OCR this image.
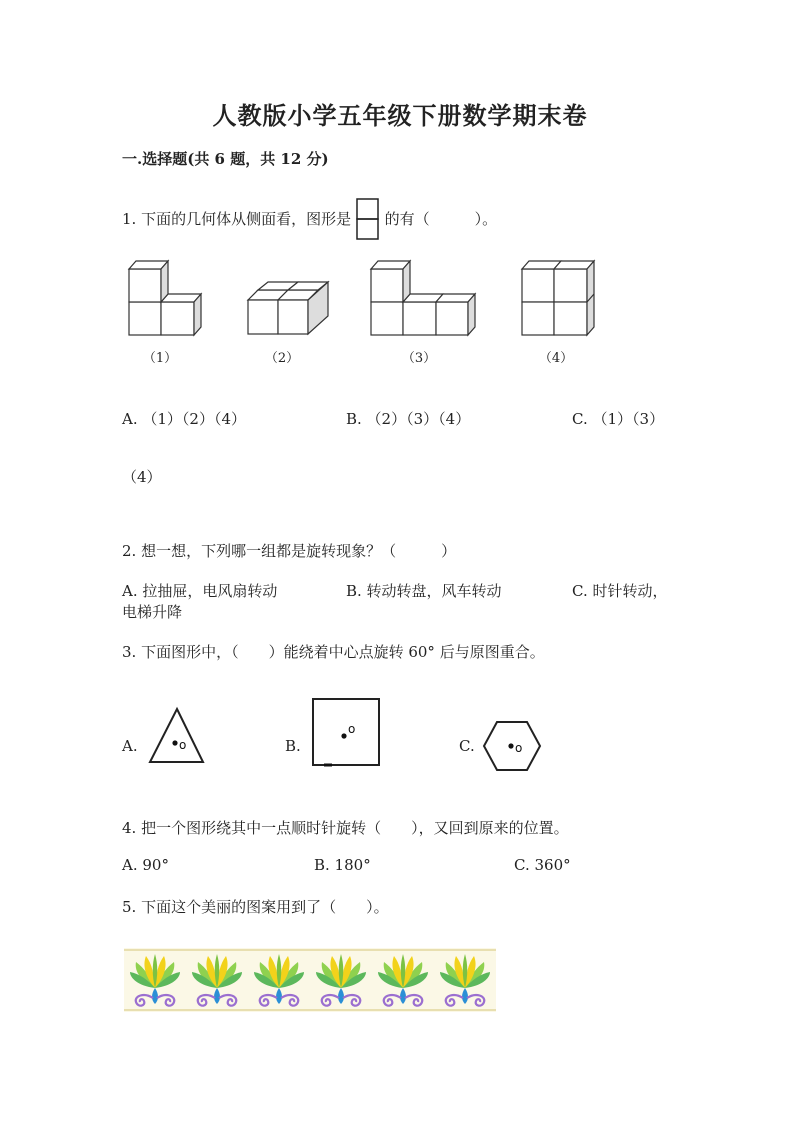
人教版小学五年级下册数学期末卷
一.选择题(共 6 题，共 12 分)
1. 下面的几何体从侧面看，图形是 的有（　　　）。
（1）	（2）	（3）	（4）
A. （1）（2）（4）	B. （2）（3）（4）	C. （1）（3）
（4）
2. 想一想，下列哪一组都是旋转现象？（　　　）
A. 拉抽屉，电风扇转动	B. 转动转盘，风车转动	C. 时针转动，
电梯升降
3. 下面图形中，（　　）能绕着中心点旋转 60° 后与原图重合。
A.	o	B.
o
C.	o
4. 把一个图形绕其中一点顺时针旋转（　　），又回到原来的位置。
A. 90°	B. 180°	C. 360°
5. 下面这个美丽的图案用到了（　　）。
